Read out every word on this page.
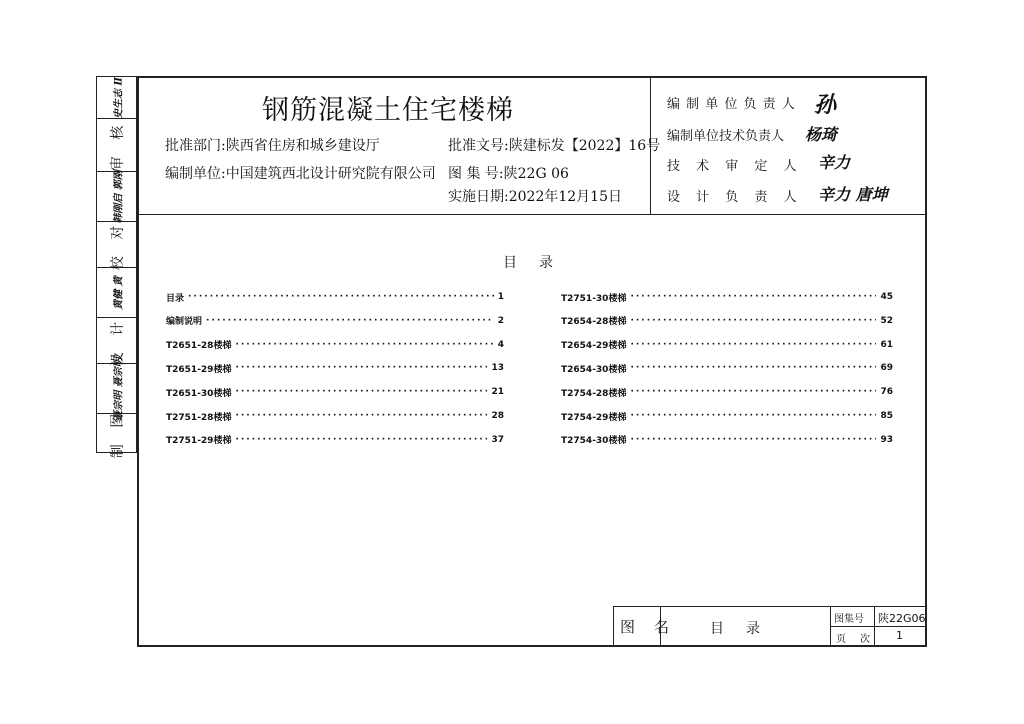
史生志 Ⅱ
审 核
韩刚启 郭刚
校 对
黄健 黄
设 计
聂宗明 聂宗明
制 图
钢筋混凝土住宅楼梯
批准部门:陕西省住房和城乡建设厅	批准文号:陕建标发【2022】16号
编制单位:中国建筑西北设计研究院有限公司 图 集 号:陕22G 06
实施日期:2022年12月15日
编 制 单 位 负 责 人 孙
编制单位技术负责人 杨琦
技 术 审 定 人 辛力
设 计 负 责 人 辛力 唐坤
目　录
目录 ·····	1
编制说明 ·····	2
T2651-28楼梯 ·····	4
T2651-29楼梯 ·····	13
T2651-30楼梯 ·····	21
T2751-28楼梯 ·····	28
T2751-29楼梯 ·····	37
T2751-30楼梯 ·····	45
T2654-28楼梯 ·····	52
T2654-29楼梯 ·····	61
T2654-30楼梯 ·····	69
T2754-28楼梯 ·····	76
T2754-29楼梯 ·····	85
T2754-30楼梯 ·····	93
图　名	目　录
图集号 陕22G06
页　次 1
